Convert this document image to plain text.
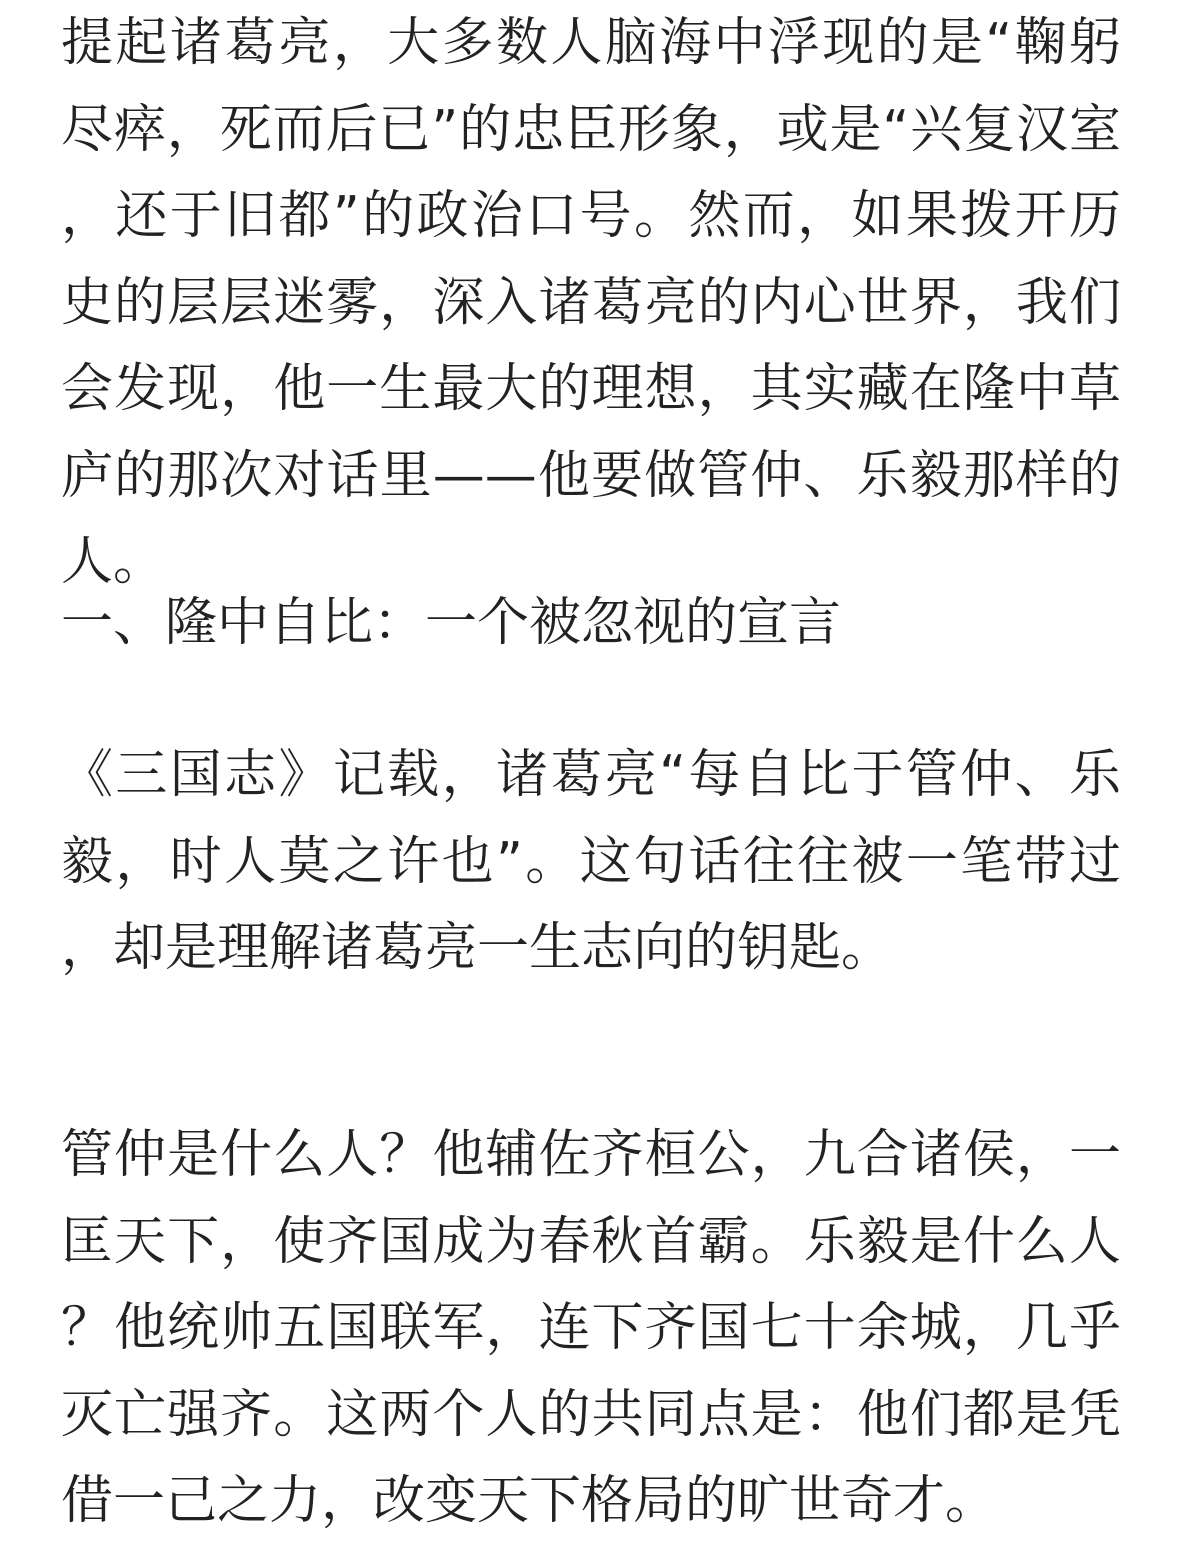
提起诸葛亮，大多数人脑海中浮现的是“鞠躬尽瘁，死而后已”的忠臣形象，或是“兴复汉室，还于旧都”的政治口号。然而，如果拨开历史的层层迷雾，深入诸葛亮的内心世界，我们会发现，他一生最大的理想，其实藏在隆中草庐的那次对话里——他要做管仲、乐毅那样的人。

一、隆中自比：一个被忽视的宣言

《三国志》记载，诸葛亮“每自比于管仲、乐毅，时人莫之许也”。这句话往往被一笔带过，却是理解诸葛亮一生志向的钥匙。

管仲是什么人？他辅佐齐桓公，九合诸侯，一匡天下，使齐国成为春秋首霸。乐毅是什么人？他统帅五国联军，连下齐国七十余城，几乎灭亡强齐。这两个人的共同点是：他们都是凭借一己之力，改变天下格局的旷世奇才。
